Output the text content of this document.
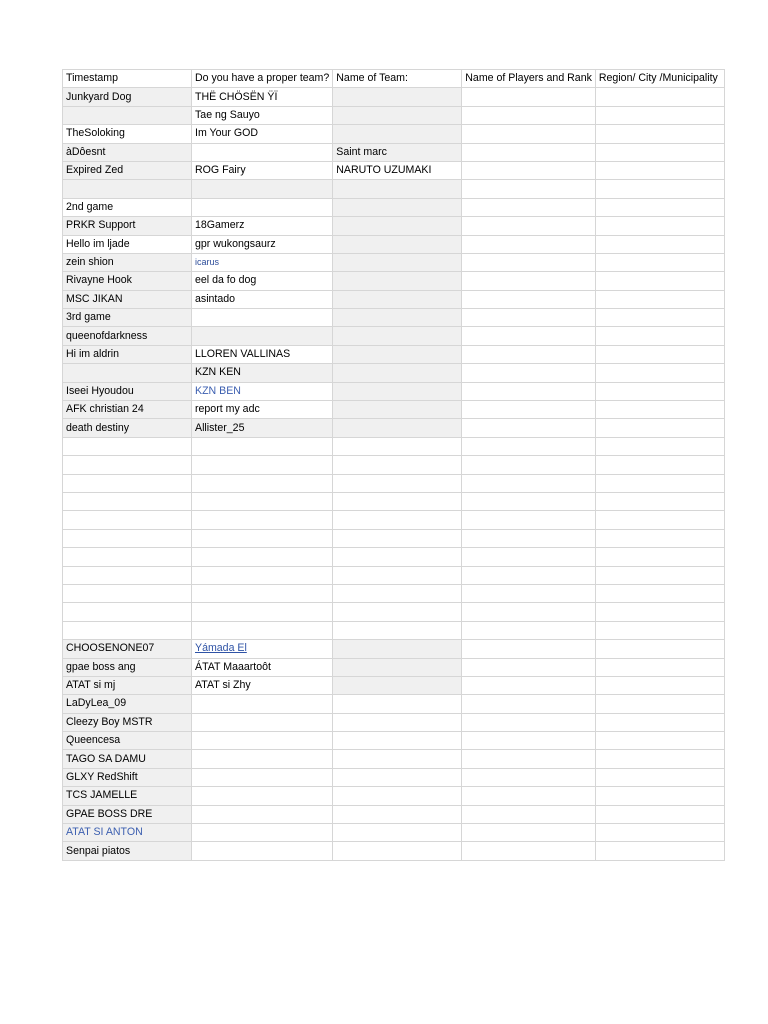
Timestamp	Do you have a proper team?	Name of Team:	Name of Players and Rank	Region/ City /Municipality
Junkyard Dog	THË CHÖSËN ŸÏ			
	Tae ng Sauyo			
TheSoloking	Im Your GOD			
àDôesnt		Saint marc		
Expired Zed	ROG Fairy	NARUTO UZUMAKI		

2nd game				
PRKR Support	18Gamerz			
Hello im ljade	gpr wukongsaurz			
zein shion	icarus			
Rivayne Hook	eel da fo dog			
MSC JIKAN	asintado			
3rd game				
queenofdarkness				
Hi im aldrin	LLOREN VALLINAS			
	KZN KEN			
Iseei Hyoudou	KZN BEN			
AFK christian 24	report my adc			
death destiny	Allister_25			

CHOOSENONE07	Yámada El			
gpae boss ang	ÁTAT Maaartoôt			
ATAT si mj	ATAT si Zhy			
LaDyLea_09				
Cleezy Boy MSTR				
Queencesa				
TAGO SA DAMU				
GLXY RedShift				
TCS JAMELLE				
GPAE BOSS DRE				
ATAT SI ANTON				
Senpai piatos				
